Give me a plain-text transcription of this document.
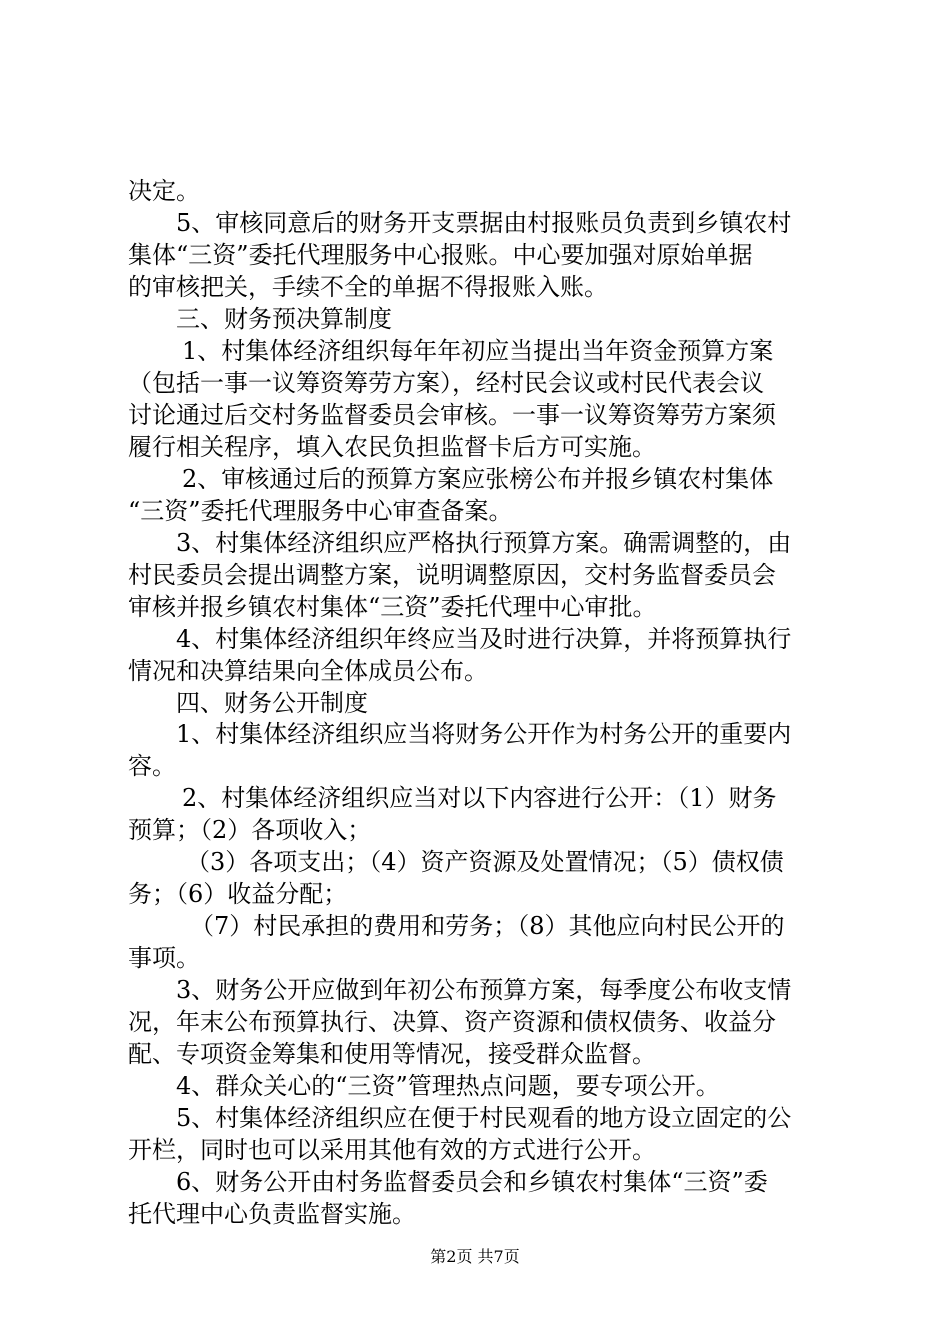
决定。
5、审核同意后的财务开支票据由村报账员负责到乡镇农村
集体“三资”委托代理服务中心报账。中心要加强对原始单据
的审核把关，手续不全的单据不得报账入账。
三、财务预决算制度
1、村集体经济组织每年年初应当提出当年资金预算方案
（包括一事一议筹资筹劳方案），经村民会议或村民代表会议
讨论通过后交村务监督委员会审核。一事一议筹资筹劳方案须
履行相关程序，填入农民负担监督卡后方可实施。
2、审核通过后的预算方案应张榜公布并报乡镇农村集体
“三资”委托代理服务中心审查备案。
3、村集体经济组织应严格执行预算方案。确需调整的，由
村民委员会提出调整方案，说明调整原因，交村务监督委员会
审核并报乡镇农村集体“三资”委托代理中心审批。
4、村集体经济组织年终应当及时进行决算，并将预算执行
情况和决算结果向全体成员公布。
四、财务公开制度
1、村集体经济组织应当将财务公开作为村务公开的重要内
容。
2、村集体经济组织应当对以下内容进行公开：（1）财务
预算；（2）各项收入；
（3）各项支出；（4）资产资源及处置情况；（5）债权债
务；（6）收益分配；
（7）村民承担的费用和劳务；（8）其他应向村民公开的
事项。
3、财务公开应做到年初公布预算方案，每季度公布收支情
况，年末公布预算执行、决算、资产资源和债权债务、收益分
配、专项资金筹集和使用等情况，接受群众监督。
4、群众关心的“三资”管理热点问题，要专项公开。
5、村集体经济组织应在便于村民观看的地方设立固定的公
开栏，同时也可以采用其他有效的方式进行公开。
6、财务公开由村务监督委员会和乡镇农村集体“三资”委
托代理中心负责监督实施。
第2页 共7页
